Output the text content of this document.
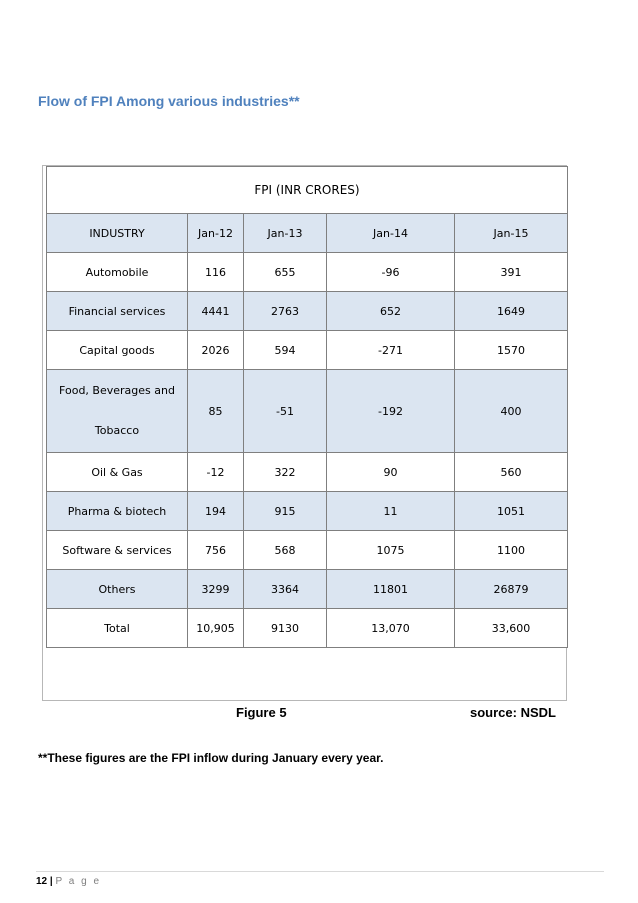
Flow of FPI Among various industries**
FPI (INR CRORES)				
INDUSTRY	Jan-12	Jan-13	Jan-14	Jan-15
Automobile	116	655	-96	391
Financial services	4441	2763	652	1649
Capital goods	2026	594	-271	1570

Food, Beverages and
Tobacco	85	-51	-192	400
Oil & Gas	-12	322	90	560
Pharma & biotech	194	915	11	1051
Software & services	756	568	1075	1100
Others	3299	3364	11801	26879
Total	10,905	9130	13,070	33,600
Figure 5	source: NSDL
**These figures are the FPI inflow during January every year.
12 | P a g e
